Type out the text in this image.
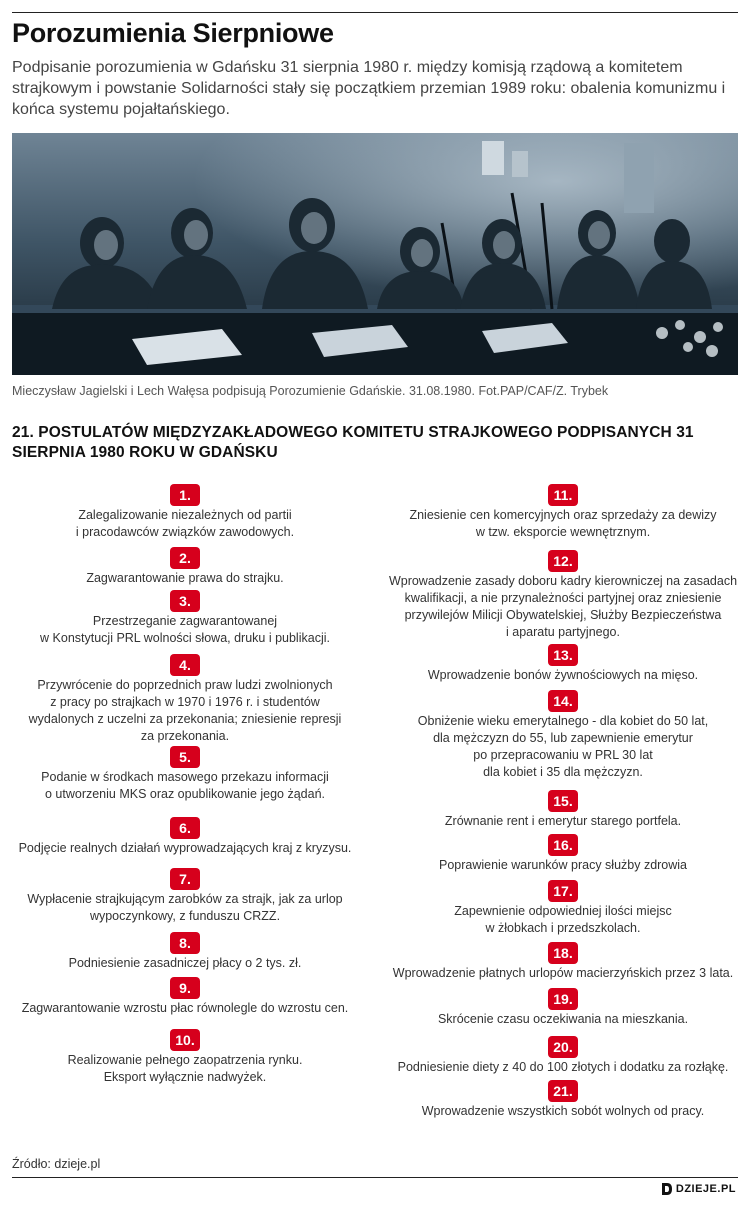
Porozumienia Sierpniowe

Podpisanie porozumienia w Gdańsku 31 sierpnia 1980 r. między komisją rządową a komitetem strajkowym i powstanie Solidarności stały się początkiem przemian 1989 roku: obalenia komunizmu i końca systemu pojałtańskiego.

Mieczysław Jagielski i Lech Wałęsa podpisują Porozumienie Gdańskie. 31.08.1980. Fot.PAP/CAF/Z. Trybek

21. POSTULATÓW MIĘDZYZAKŁADOWEGO KOMITETU STRAJKOWEGO PODPISANYCH 31 SIERPNIA 1980 ROKU W GDAŃSKU
1.
Zalegalizowanie niezależnych od partii
i pracodawców związków zawodowych.
2.
Zagwarantowanie prawa do strajku.
3.
Przestrzeganie zagwarantowanej
w Konstytucji PRL wolności słowa, druku i publikacji.
4.
Przywrócenie do poprzednich praw ludzi zwolnionych
z pracy po strajkach w 1970 i 1976 r. i studentów
wydalonych z uczelni za przekonania; zniesienie represji
za przekonania.
5.
Podanie w środkach masowego przekazu informacji
o utworzeniu MKS oraz opublikowanie jego żądań.
6.
Podjęcie realnych działań wyprowadzających kraj z kryzysu.
7.
Wypłacenie strajkującym zarobków za strajk, jak za urlop
wypoczynkowy, z funduszu CRZZ.
8.
Podniesienie zasadniczej płacy o 2 tys. zł.
9.
Zagwarantowanie wzrostu płac równolegle do wzrostu cen.
10.
Realizowanie pełnego zaopatrzenia rynku.
Eksport wyłącznie nadwyżek.
11.
Zniesienie cen komercyjnych oraz sprzedaży za dewizy
w tzw. eksporcie wewnętrznym.
12.
Wprowadzenie zasady doboru kadry kierowniczej na zasadach
kwalifikacji, a nie przynależności partyjnej oraz zniesienie
przywilejów Milicji Obywatelskiej, Służby Bezpieczeństwa
i aparatu partyjnego.
13.
Wprowadzenie bonów żywnościowych na mięso.
14.
Obniżenie wieku emerytalnego - dla kobiet do 50 lat,
dla mężczyzn do 55, lub zapewnienie emerytur
po przepracowaniu w PRL 30 lat
dla kobiet i 35 dla mężczyzn.
15.
Zrównanie rent i emerytur starego portfela.
16.
Poprawienie warunków pracy służby zdrowia
17.
Zapewnienie odpowiedniej ilości miejsc
w żłobkach i przedszkolach.
18.
Wprowadzenie płatnych urlopów macierzyńskich przez 3 lata.
19.
Skrócenie czasu oczekiwania na mieszkania.
20.
Podniesienie diety z 40 do 100 złotych i dodatku za rozłąkę.
21.
Wprowadzenie wszystkich sobót wolnych od pracy.

Źródło: dzieje.pl

DZIEJE.PL
